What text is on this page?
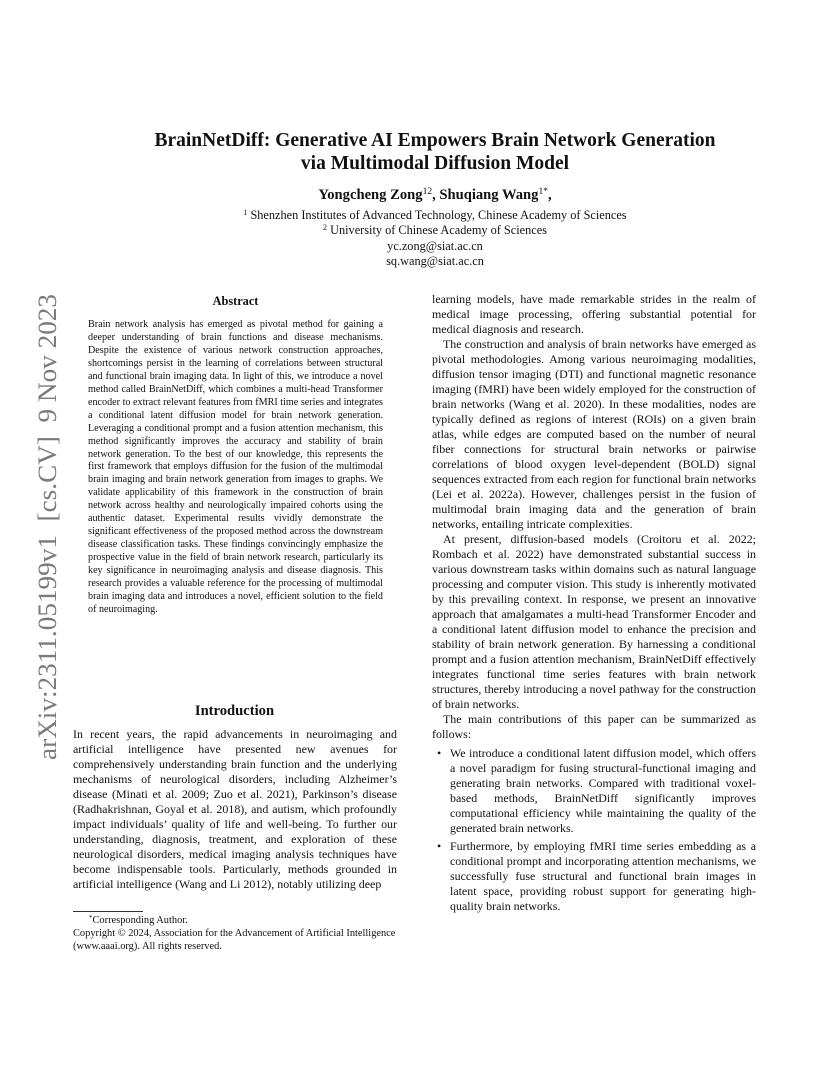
arXiv:2311.05199v1  [cs.CV]  9 Nov 2023
BrainNetDiff: Generative AI Empowers Brain Network Generation
via Multimodal Diffusion Model
Yongcheng Zong$^{12}$, Shuqiang Wang$^{1*}$,
$^1$ Shenzhen Institutes of Advanced Technology, Chinese Academy of Sciences
$^2$ University of Chinese Academy of Sciences
yc.zong@siat.ac.cn
sq.wang@siat.ac.cn
Abstract

Brain network analysis has emerged as pivotal method for gaining a deeper understanding of brain functions and disease mechanisms. Despite the existence of various network construction approaches, shortcomings persist in the learning of correlations between structural and functional brain imaging data. In light of this, we introduce a novel method called BrainNetDiff, which combines a multi-head Transformer encoder to extract relevant features from fMRI time series and integrates a conditional latent diffusion model for brain network generation. Leveraging a conditional prompt and a fusion attention mechanism, this method significantly improves the accuracy and stability of brain network generation. To the best of our knowledge, this represents the first framework that employs diffusion for the fusion of the multimodal brain imaging and brain network generation from images to graphs. We validate applicability of this framework in the construction of brain network across healthy and neurologically impaired cohorts using the authentic dataset. Experimental results vividly demonstrate the significant effectiveness of the proposed method across the downstream disease classification tasks. These findings convincingly emphasize the prospective value in the field of brain network research, particularly its key significance in neuroimaging analysis and disease diagnosis. This research provides a valuable reference for the processing of multimodal brain imaging data and introduces a novel, efficient solution to the field of neuroimaging.

Introduction

In recent years, the rapid advancements in neuroimaging and artificial intelligence have presented new avenues for comprehensively understanding brain function and the underlying mechanisms of neurological disorders, including Alzheimer’s disease (Minati et al. 2009; Zuo et al. 2021), Parkinson’s disease (Radhakrishnan, Goyal et al. 2018), and autism, which profoundly impact individuals’ quality of life and well-being. To further our understanding, diagnosis, treatment, and exploration of these neurological disorders, medical imaging analysis techniques have become indispensable tools. Particularly, methods grounded in artificial intelligence (Wang and Li 2012), notably utilizing deep

*Corresponding Author.

Copyright © 2024, Association for the Advancement of Artificial Intelligence (www.aaai.org). All rights reserved.

learning models, have made remarkable strides in the realm of medical image processing, offering substantial potential for medical diagnosis and research.

The construction and analysis of brain networks have emerged as pivotal methodologies. Among various neuroimaging modalities, diffusion tensor imaging (DTI) and functional magnetic resonance imaging (fMRI) have been widely employed for the construction of brain networks (Wang et al. 2020). In these modalities, nodes are typically defined as regions of interest (ROIs) on a given brain atlas, while edges are computed based on the number of neural fiber connections for structural brain networks or pairwise correlations of blood oxygen level-dependent (BOLD) signal sequences extracted from each region for functional brain networks (Lei et al. 2022a). However, challenges persist in the fusion of multimodal brain imaging data and the generation of brain networks, entailing intricate complexities.

At present, diffusion-based models (Croitoru et al. 2022; Rombach et al. 2022) have demonstrated substantial success in various downstream tasks within domains such as natural language processing and computer vision. This study is inherently motivated by this prevailing context. In response, we present an innovative approach that amalgamates a multi-head Transformer Encoder and a conditional latent diffusion model to enhance the precision and stability of brain network generation. By harnessing a conditional prompt and a fusion attention mechanism, BrainNetDiff effectively integrates functional time series features with brain network structures, thereby introducing a novel pathway for the construction of brain networks.

The main contributions of this paper can be summarized as follows:

• We introduce a conditional latent diffusion model, which offers a novel paradigm for fusing structural-functional imaging and generating brain networks. Compared with traditional voxel-based methods, BrainNetDiff significantly improves computational efficiency while maintaining the quality of the generated brain networks.
• Furthermore, by employing fMRI time series embedding as a conditional prompt and incorporating attention mechanisms, we successfully fuse structural and functional brain images in latent space, providing robust support for generating high-quality brain networks.
